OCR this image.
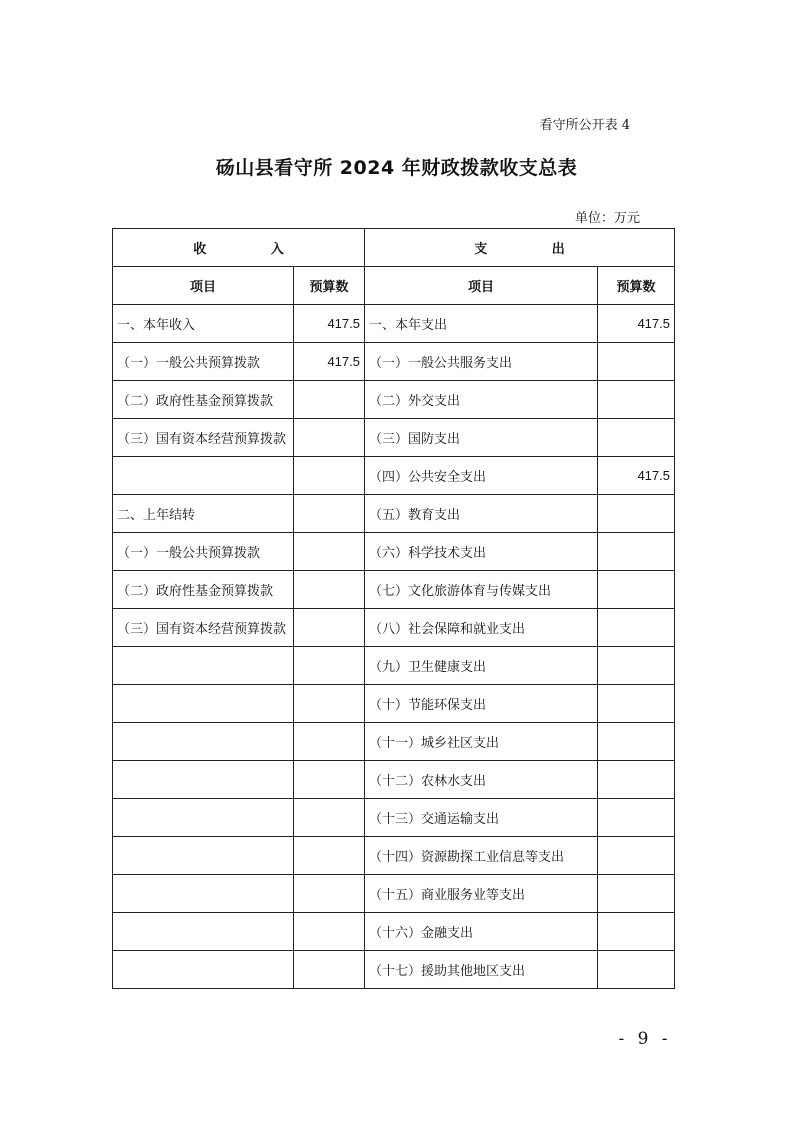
看守所公开表 4
砀山县看守所 2024 年财政拨款收支总表
单位：万元
收 入		支 出	
项目	预算数	项目	预算数
一、本年收入	417.5	一、本年支出	417.5
（一）一般公共预算拨款	417.5	（一）一般公共服务支出	
（二）政府性基金预算拨款		（二）外交支出	
（三）国有资本经营预算拨款		（三）国防支出	
		（四）公共安全支出	417.5
二、上年结转		（五）教育支出	
（一）一般公共预算拨款		（六）科学技术支出	
（二）政府性基金预算拨款		（七）文化旅游体育与传媒支出	
（三）国有资本经营预算拨款		（八）社会保障和就业支出	
		（九）卫生健康支出	
		（十）节能环保支出	
		（十一）城乡社区支出	
		（十二）农林水支出	
		（十三）交通运输支出	
		（十四）资源勘探工业信息等支出	
		（十五）商业服务业等支出	
		（十六）金融支出	
		（十七）援助其他地区支出	
- 9 -
